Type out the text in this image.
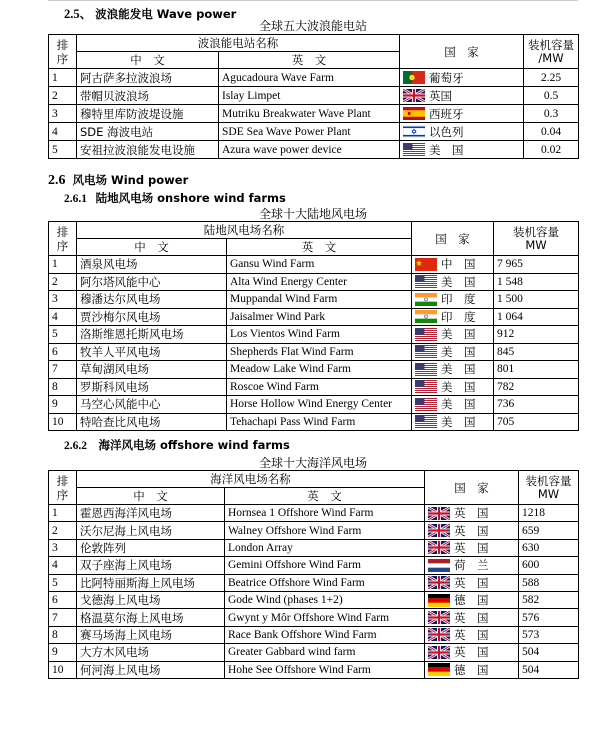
2.5、 波浪能发电 Wave power
全球五大波浪能电站
排
序	波浪能电站名称		国　家	装机容量
/MW
	中　文	英　文		
1	阿古萨多拉波浪场	Agucadoura Wave Farm	葡萄牙	2.25
2	带帽贝波浪场	Islay Limpet	英国	0.5
3	穆特里库防波堤设施	Mutriku Breakwater Wave Plant	西班牙	0.3
4	SDE 海波电站	SDE Sea Wave Power Plant	以色列	0.04
5	安祖拉波浪能发电设施	Azura wave power device	美　国	0.02
2.6 风电场 Wind power
2.6.1 陆地风电场 onshore wind farms
全球十大陆地风电场
排
序	陆地风电场名称		国　家	装机容量
MW
	中　文	英　文		
1	酒泉风电场	Gansu Wind Farm	中　国	7 965
2	阿尔塔风能中心	Alta Wind Energy Center	美　国	1 548
3	穆潘达尔风电场	Muppandal Wind Farm	印　度	1 500
4	贾沙梅尔风电场	Jaisalmer Wind Park	印　度	1 064
5	洛斯维恩托斯风电场	Los Vientos Wind Farm	美　国	912
6	牧羊人平风电场	Shepherds Flat Wind Farm	美　国	845
7	草甸湖风电场	Meadow Lake Wind Farm	美　国	801
8	罗斯科风电场	Roscoe Wind Farm	美　国	782
9	马空心风能中心	Horse Hollow Wind Energy Center	美　国	736
10	特哈查比风电场	Tehachapi Pass Wind Farm	美　国	705
2.6.2 海洋风电场 offshore wind farms
全球十大海洋风电场
排
序	海洋风电场名称		国　家	装机容量
MW
	中　文	英　文		
1	霍恩西海洋风电场	Hornsea 1 Offshore Wind Farm	英　国	1218
2	沃尔尼海上风电场	Walney Offshore Wind Farm	英　国	659
3	伦敦阵列	London Array	英　国	630
4	双子座海上风电场	Gemini Offshore Wind Farm	荷　兰	600
5	比阿特丽斯海上风电场	Beatrice Offshore Wind Farm	英　国	588
6	戈德海上风电场	Gode Wind (phases 1+2)	德　国	582
7	格温莫尔海上风电场	Gwynt y Môr Offshore Wind Farm	英　国	576
8	赛马场海上风电场	Race Bank Offshore Wind Farm	英　国	573
9	大方木风电场	Greater Gabbard wind farm	英　国	504
10	何河海上风电场	Hohe See Offshore Wind Farm	德　国	504
